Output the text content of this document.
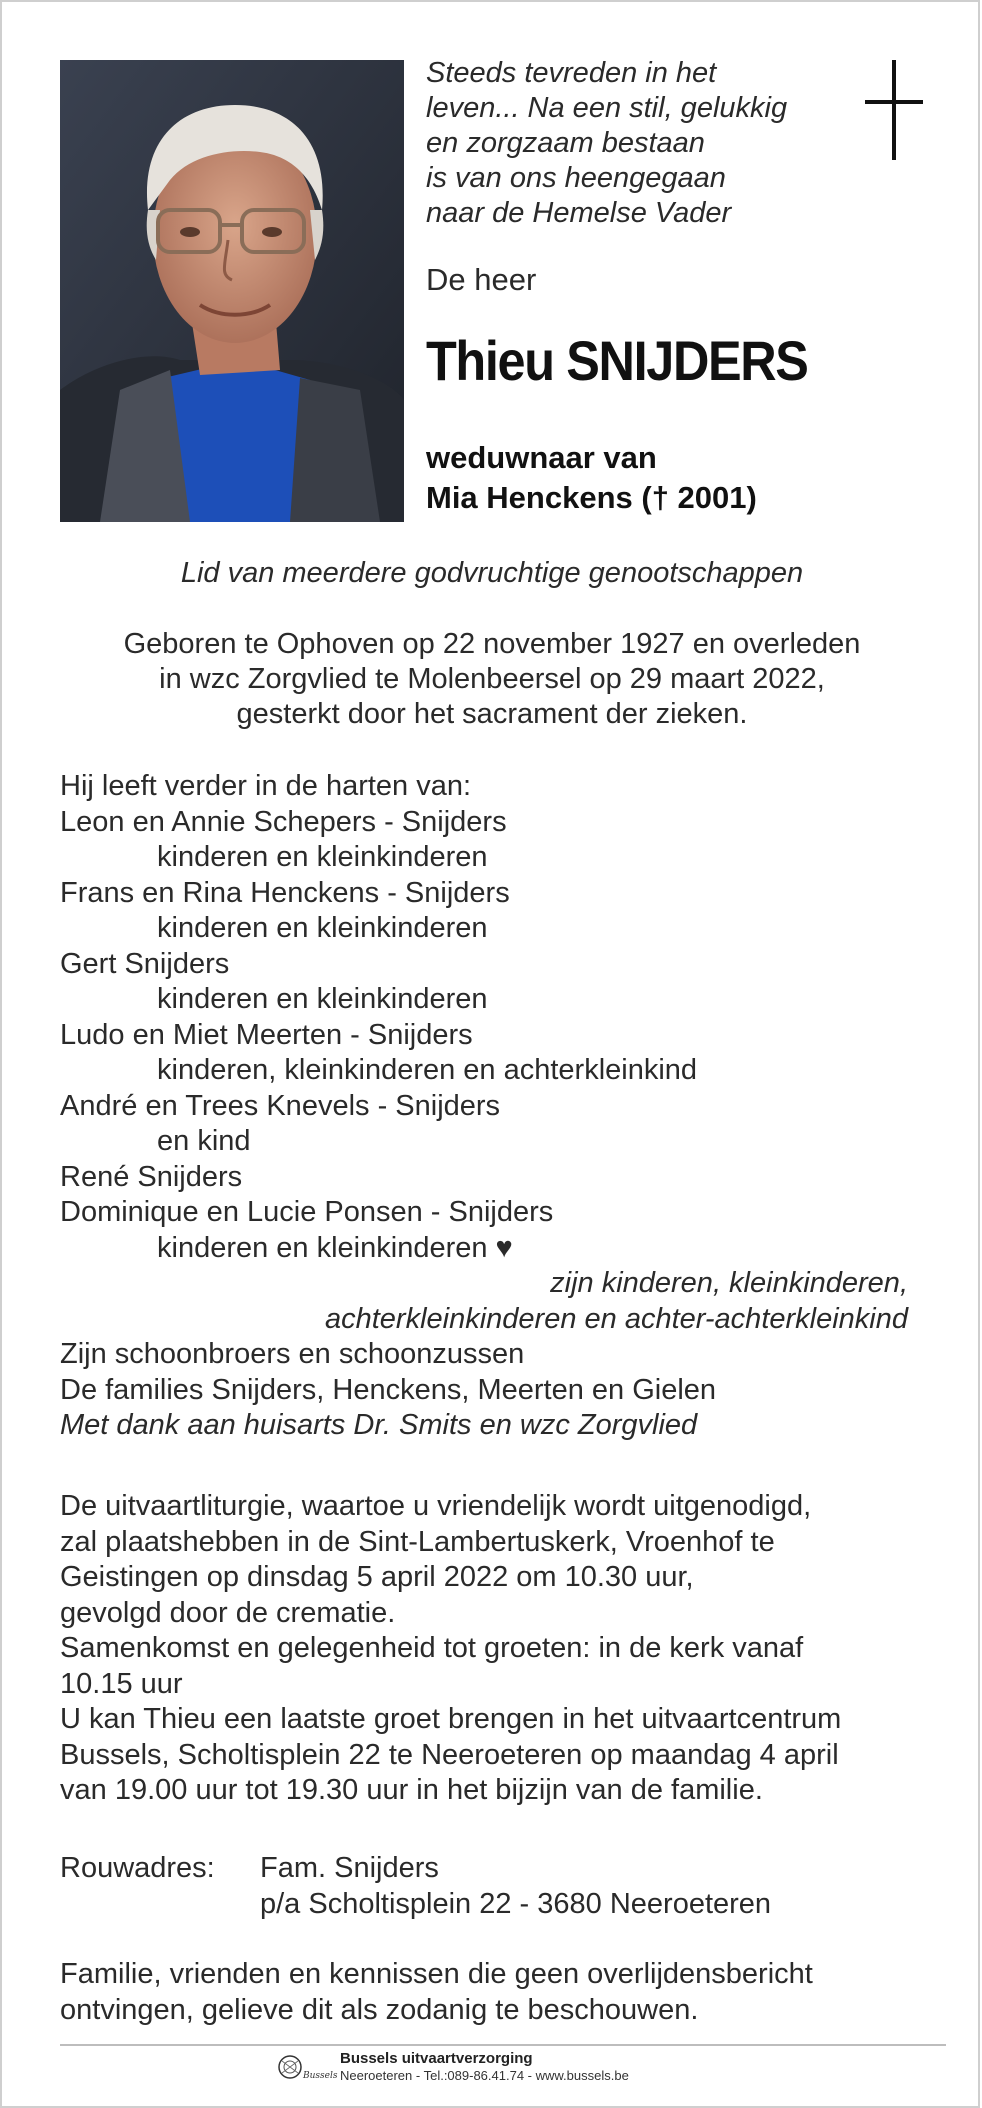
Steeds tevreden in het
leven... Na een stil, gelukkig
en zorgzaam bestaan
is van ons heengegaan
naar de Hemelse Vader
De heer
Thieu SNIJDERS
weduwnaar van
Mia Henckens († 2001)
Lid van meerdere godvruchtige genootschappen
Geboren te Ophoven op 22 november 1927 en overleden
in wzc Zorgvlied te Molenbeersel op 29 maart 2022,
gesterkt door het sacrament der zieken.
Hij leeft verder in de harten van:
Leon en Annie Schepers - Snijders
kinderen en kleinkinderen
Frans en Rina Henckens - Snijders
kinderen en kleinkinderen
Gert Snijders
kinderen en kleinkinderen
Ludo en Miet Meerten - Snijders
kinderen, kleinkinderen en achterkleinkind
André en Trees Knevels - Snijders
en kind
René Snijders
Dominique en Lucie Ponsen - Snijders
kinderen en kleinkinderen ♥
zijn kinderen, kleinkinderen,
achterkleinkinderen en achter-achterkleinkind
Zijn schoonbroers en schoonzussen
De families Snijders, Henckens, Meerten en Gielen
Met dank aan huisarts Dr. Smits en wzc Zorgvlied
De uitvaartliturgie, waartoe u vriendelijk wordt uitgenodigd,
zal plaatshebben in de Sint-Lambertuskerk, Vroenhof te
Geistingen op dinsdag 5 april 2022 om 10.30 uur,
gevolgd door de crematie.
Samenkomst en gelegenheid tot groeten: in de kerk vanaf
10.15 uur
U kan Thieu een laatste groet brengen in het uitvaartcentrum
Bussels, Scholtisplein 22 te Neeroeteren op maandag 4 april
van 19.00 uur tot 19.30 uur in het bijzijn van de familie.
Rouwadres: Fam. Snijders
p/a Scholtisplein 22 - 3680 Neeroeteren
Familie, vrienden en kennissen die geen overlijdensbericht
ontvingen, gelieve dit als zodanig te beschouwen.
Bussels
Bussels uitvaartverzorging
Neeroeteren - Tel.:089-86.41.74 - www.bussels.be
